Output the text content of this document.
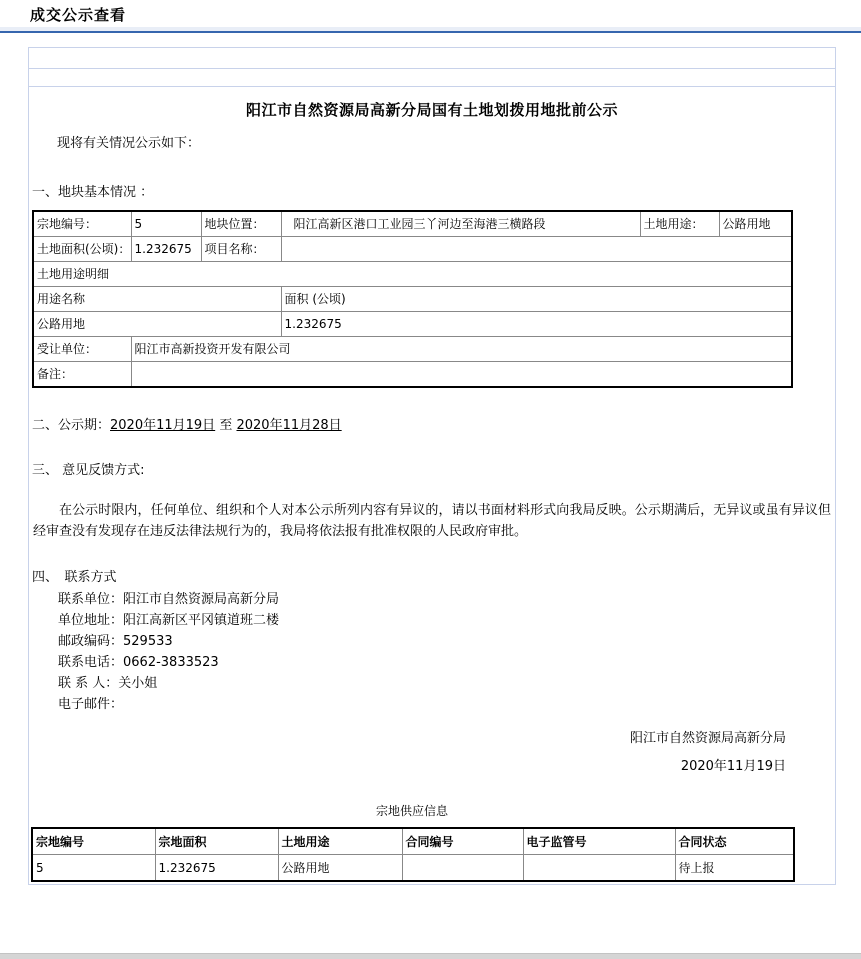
成交公示查看
阳江市自然资源局高新分局国有土地划拨用地批前公示
现将有关情况公示如下：
一、地块基本情况 ：
宗地编号：	5	地块位置：	阳江高新区港口工业园三丫河边至海港三横路段	土地用途：	公路用地
土地面积(公顷)：	1.232675	项目名称：			
土地用途明细					
用途名称			面积 (公顷)		
公路用地			1.232675		
受让单位：	阳江市高新投资开发有限公司				
备注：					
二、公示期：2020年11月19日 至 2020年11月28日
三、 意见反馈方式:
在公示时限内，任何单位、组织和个人对本公示所列内容有异议的，请以书面材料形式向我局反映。公示期满后，无异议或虽有异议但经审查没有发现存在违反法律法规行为的，我局将依法报有批准权限的人民政府审批。
四、　联系方式
联系单位：阳江市自然资源局高新分局
单位地址：阳江高新区平冈镇道班二楼
邮政编码：529533
联系电话：0662-3833523
联 系 人：关小姐
电子邮件：
阳江市自然资源局高新分局
2020年11月19日
宗地供应信息
宗地编号	宗地面积	土地用途	合同编号	电子监管号	合同状态
5	1.232675	公路用地			待上报
